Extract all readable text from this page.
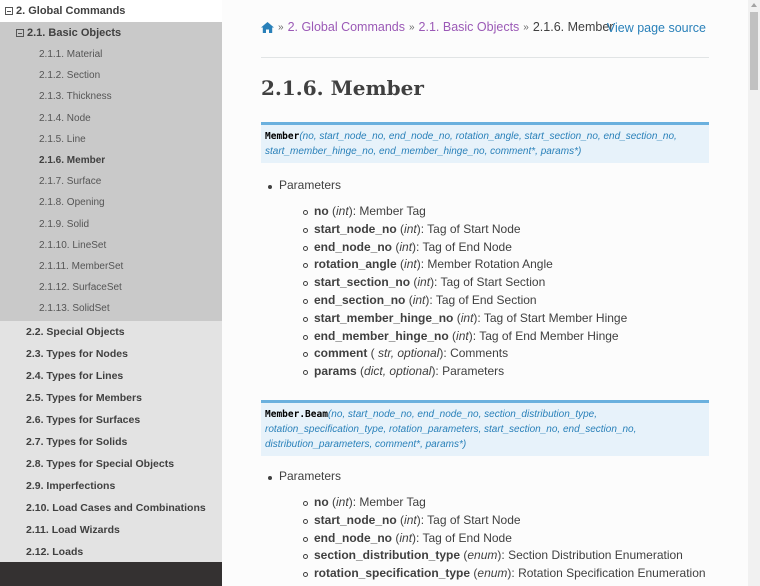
2. Global Commands
2.1. Basic Objects
2.1.1. Material
2.1.2. Section
2.1.3. Thickness
2.1.4. Node
2.1.5. Line
2.1.6. Member
2.1.7. Surface
2.1.8. Opening
2.1.9. Solid
2.1.10. LineSet
2.1.11. MemberSet
2.1.12. SurfaceSet
2.1.13. SolidSet
2.2. Special Objects
2.3. Types for Nodes
2.4. Types for Lines
2.5. Types for Members
2.6. Types for Surfaces
2.7. Types for Solids
2.8. Types for Special Objects
2.9. Imperfections
2.10. Load Cases and Combinations
2.11. Load Wizards
2.12. Loads
» 2. Global Commands » 2.1. Basic Objects » 2.1.6. Member
View page source
2.1.6. Member
Member(no, start_node_no, end_node_no, rotation_angle, start_section_no, end_section_no, start_member_hinge_no, end_member_hinge_no, comment*, params*)
Parameters
no (int): Member Tag
start_node_no (int): Tag of Start Node
end_node_no (int): Tag of End Node
rotation_angle (int): Member Rotation Angle
start_section_no (int): Tag of Start Section
end_section_no (int): Tag of End Section
start_member_hinge_no (int): Tag of Start Member Hinge
end_member_hinge_no (int): Tag of End Member Hinge
comment ( str, optional): Comments
params (dict, optional): Parameters
Member.Beam(no, start_node_no, end_node_no, section_distribution_type, rotation_specification_type, rotation_parameters, start_section_no, end_section_no, distribution_parameters, comment*, params*)
Parameters
no (int): Member Tag
start_node_no (int): Tag of Start Node
end_node_no (int): Tag of End Node
section_distribution_type (enum): Section Distribution Enumeration
rotation_specification_type (enum): Rotation Specification Enumeration
